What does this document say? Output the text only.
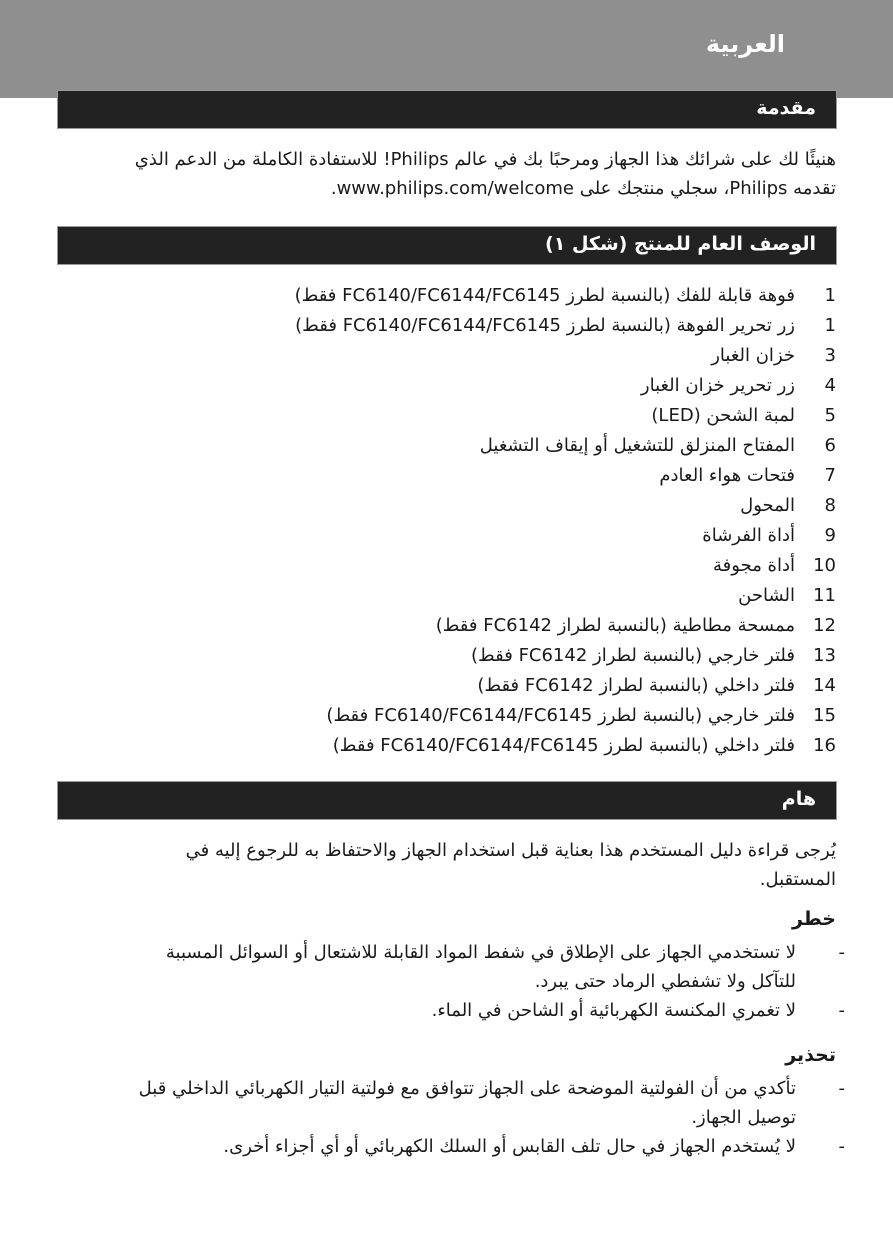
العربية
مقدمة
هنيئًا لك على شرائك هذا الجهاز ومرحبًا بك في عالم Philips! للاستفادة الكاملة من الدعم الذي
تقدمه Philips، سجلي منتجك على www.philips.com/welcome.
الوصف العام للمنتج (شكل ١)
1
فوهة قابلة للفك (بالنسبة لطرز FC6140/FC6144/FC6145 فقط)
1
زر تحرير الفوهة (بالنسبة لطرز FC6140/FC6144/FC6145 فقط)
3
خزان الغبار
4
زر تحرير خزان الغبار
5
لمبة الشحن (LED)
6
المفتاح المنزلق للتشغيل أو إيقاف التشغيل
7
فتحات هواء العادم
8
المحول
9
أداة الفرشاة
10
أداة مجوفة
11
الشاحن
12
ممسحة مطاطية (بالنسبة لطراز FC6142 فقط)
13
فلتر خارجي (بالنسبة لطراز FC6142 فقط)
14
فلتر داخلي (بالنسبة لطراز FC6142 فقط)
15
فلتر خارجي (بالنسبة لطرز FC6140/FC6144/FC6145 فقط)
16
فلتر داخلي (بالنسبة لطرز FC6140/FC6144/FC6145 فقط)
هام
يُرجى قراءة دليل المستخدم هذا بعناية قبل استخدام الجهاز والاحتفاظ به للرجوع إليه في
المستقبل.
خطر
-
لا تستخدمي الجهاز على الإطلاق في شفط المواد القابلة للاشتعال أو السوائل المسببة
للتآكل ولا تشفطي الرماد حتى يبرد.
-
لا تغمري المكنسة الكهربائية أو الشاحن في الماء.
تحذير
-
تأكدي من أن الفولتية الموضحة على الجهاز تتوافق مع فولتية التيار الكهربائي الداخلي قبل
توصيل الجهاز.
-
لا يُستخدم الجهاز في حال تلف القابس أو السلك الكهربائي أو أي أجزاء أخرى.
